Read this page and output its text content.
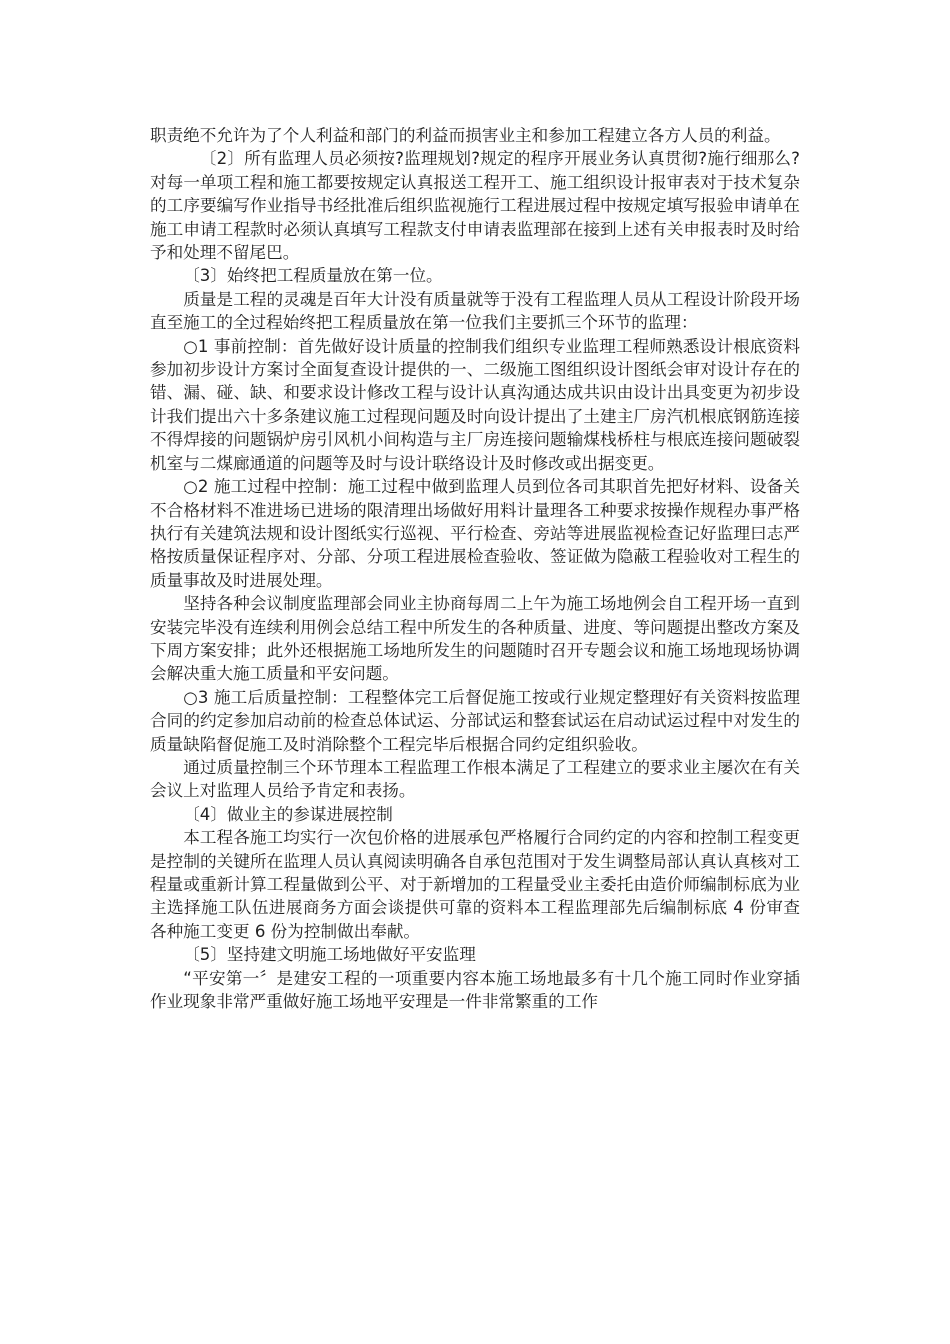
职责绝不允许为了个人利益和部门的利益而损害业主和参加工程建立各方人员的利益。

〔2〕所有监理人员必须按?监理规划?规定的程序开展业务认真贯彻?施行细那么?对每一单项工程和施工都要按规定认真报送工程开工、施工组织设计报审表对于技术复杂的工序要编写作业指导书经批准后组织监视施行工程进展过程中按规定填写报验申请单在施工申请工程款时必须认真填写工程款支付申请表监理部在接到上述有关申报表时及时给予和处理不留尾巴。

〔3〕始终把工程质量放在第一位。

质量是工程的灵魂是百年大计没有质量就等于没有工程监理人员从工程设计阶段开场直至施工的全过程始终把工程质量放在第一位我们主要抓三个环节的监理：

○1 事前控制：首先做好设计质量的控制我们组织专业监理工程师熟悉设计根底资料参加初步设计方案讨全面复查设计提供的一、二级施工图组织设计图纸会审对设计存在的错、漏、碰、缺、和要求设计修改工程与设计认真沟通达成共识由设计出具变更为初步设计我们提出六十多条建议施工过程现问题及时向设计提出了土建主厂房汽机根底钢筋连接不得焊接的问题锅炉房引风机小间构造与主厂房连接问题输煤栈桥柱与根底连接问题破裂机室与二煤廊通道的问题等及时与设计联络设计及时修改或出据变更。

○2 施工过程中控制：施工过程中做到监理人员到位各司其职首先把好材料、设备关不合格材料不准进场已进场的限清理出场做好用料计量理各工种要求按操作规程办事严格执行有关建筑法规和设计图纸实行巡视、平行检查、旁站等进展监视检查记好监理曰志严格按质量保证程序对、分部、分项工程进展检查验收、签证做为隐蔽工程验收对工程生的质量事故及时进展处理。

坚持各种会议制度监理部会同业主协商每周二上午为施工场地例会自工程开场一直到安装完毕没有连续利用例会总结工程中所发生的各种质量、进度、等问题提出整改方案及下周方案安排；此外还根据施工场地所发生的问题随时召开专题会议和施工场地现场协调会解决重大施工质量和平安问题。

○3 施工后质量控制：工程整体完工后督促施工按或行业规定整理好有关资料按监理合同的约定参加启动前的检查总体试运、分部试运和整套试运在启动试运过程中对发生的质量缺陷督促施工及时消除整个工程完毕后根据合同约定组织验收。

通过质量控制三个环节理本工程监理工作根本满足了工程建立的要求业主屡次在有关会议上对监理人员给予肯定和表扬。

〔4〕做业主的参谋进展控制

本工程各施工均实行一次包价格的进展承包严格履行合同约定的内容和控制工程变更是控制的关键所在监理人员认真阅读明确各自承包范围对于发生调整局部认真认真核对工程量或重新计算工程量做到公平、对于新增加的工程量受业主委托由造价师编制标底为业主选择施工队伍进展商务方面会谈提供可靠的资料本工程监理部先后编制标底 4 份审查各种施工变更 6 份为控制做出奉献。

〔5〕坚持建文明施工场地做好平安监理

“平安第一〞是建安工程的一项重要内容本施工场地最多有十几个施工同时作业穿插作业现象非常严重做好施工场地平安理是一件非常繁重的工作
